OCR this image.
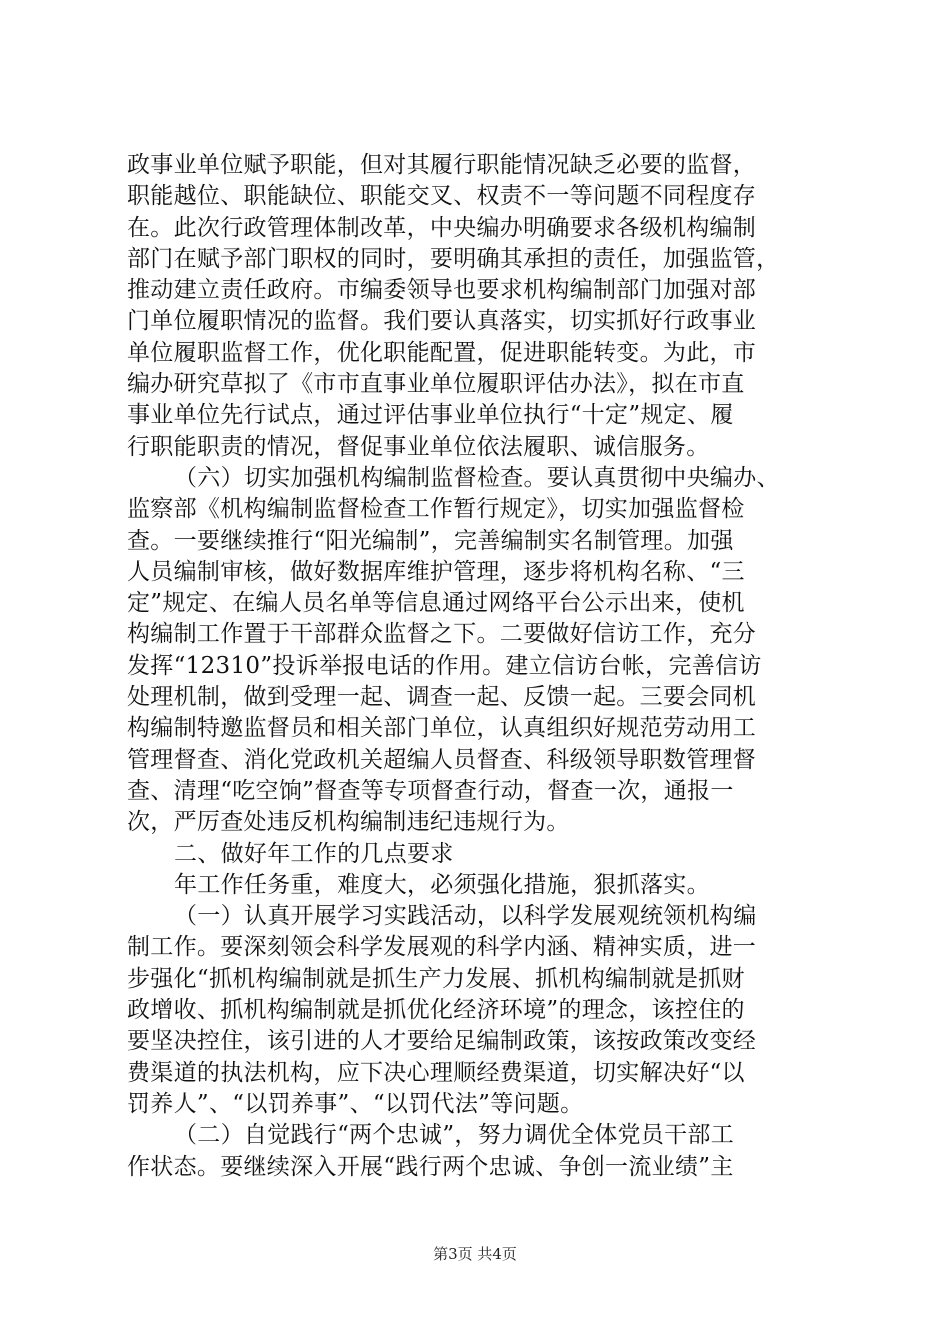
政事业单位赋予职能，但对其履行职能情况缺乏必要的监督，
职能越位、职能缺位、职能交叉、权责不一等问题不同程度存
在。此次行政管理体制改革，中央编办明确要求各级机构编制
部门在赋予部门职权的同时，要明确其承担的责任，加强监管，
推动建立责任政府。市编委领导也要求机构编制部门加强对部
门单位履职情况的监督。我们要认真落实，切实抓好行政事业
单位履职监督工作，优化职能配置，促进职能转变。为此，市
编办研究草拟了《市市直事业单位履职评估办法》，拟在市直
事业单位先行试点，通过评估事业单位执行“十定”规定、履
行职能职责的情况，督促事业单位依法履职、诚信服务。
（六）切实加强机构编制监督检查。要认真贯彻中央编办、
监察部《机构编制监督检查工作暂行规定》，切实加强监督检
查。一要继续推行“阳光编制”，完善编制实名制管理。加强
人员编制审核，做好数据库维护管理，逐步将机构名称、“三
定”规定、在编人员名单等信息通过网络平台公示出来，使机
构编制工作置于干部群众监督之下。二要做好信访工作，充分
发挥“12310”投诉举报电话的作用。建立信访台帐，完善信访
处理机制，做到受理一起、调查一起、反馈一起。三要会同机
构编制特邀监督员和相关部门单位，认真组织好规范劳动用工
管理督查、消化党政机关超编人员督查、科级领导职数管理督
查、清理“吃空饷”督查等专项督查行动，督查一次，通报一
次，严厉查处违反机构编制违纪违规行为。
二、做好年工作的几点要求
年工作任务重，难度大，必须强化措施，狠抓落实。
（一）认真开展学习实践活动，以科学发展观统领机构编
制工作。要深刻领会科学发展观的科学内涵、精神实质，进一
步强化“抓机构编制就是抓生产力发展、抓机构编制就是抓财
政增收、抓机构编制就是抓优化经济环境”的理念，该控住的
要坚决控住，该引进的人才要给足编制政策，该按政策改变经
费渠道的执法机构，应下决心理顺经费渠道，切实解决好“以
罚养人”、“以罚养事”、“以罚代法”等问题。
（二）自觉践行“两个忠诚”，努力调优全体党员干部工
作状态。要继续深入开展“践行两个忠诚、争创一流业绩”主
第3页 共4页
